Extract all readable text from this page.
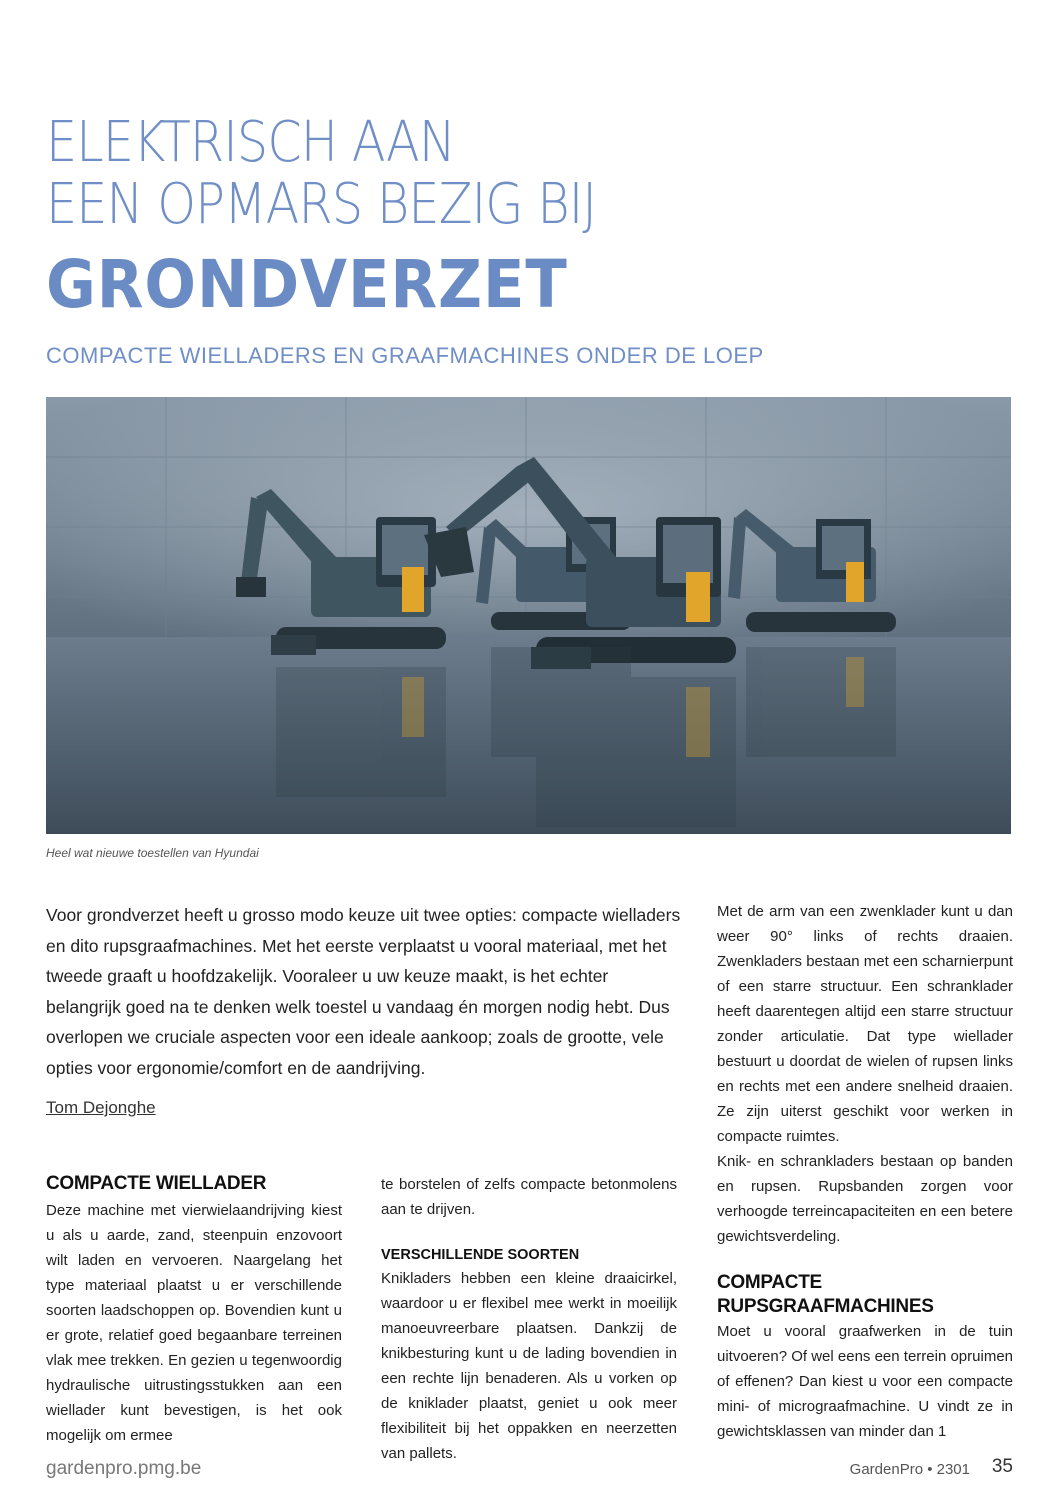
ELEKTRISCH AAN
EEN OPMARS BEZIG BIJ
GRONDVERZET
COMPACTE WIELLADERS EN GRAAFMACHINES ONDER DE LOEP
Heel wat nieuwe toestellen van Hyundai

Voor grondverzet heeft u grosso modo keuze uit twee opties: compacte wielladers en dito rupsgraafmachines. Met het eerste verplaatst u vooral materiaal, met het tweede graaft u hoofdzakelijk. Vooraleer u uw keuze maakt, is het echter belangrijk goed na te denken welk toestel u vandaag én morgen nodig hebt. Dus overlopen we cruciale aspecten voor een ideale aankoop; zoals de grootte, vele opties voor ergonomie/comfort en de aandrijving.

Tom Dejonghe
COMPACTE WIELLADER

Deze machine met vierwielaandrijving kiest u als u aarde, zand, steenpuin enzovoort wilt laden en vervoeren. Naargelang het type materiaal plaatst u er verschillende soorten laadschoppen op. Bovendien kunt u er grote, relatief goed begaanbare terreinen vlak mee trekken. En gezien u tegenwoordig hydraulische uitrustingsstukken aan een wiellader kunt bevestigen, is het ook mogelijk om ermee

te borstelen of zelfs compacte betonmolens aan te drijven.

VERSCHILLENDE SOORTEN

Knikladers hebben een kleine draaicirkel, waardoor u er flexibel mee werkt in moeilijk manoeuvreerbare plaatsen. Dankzij de knikbesturing kunt u de lading bovendien in een rechte lijn benaderen. Als u vorken op de kniklader plaatst, geniet u ook meer flexibiliteit bij het oppakken en neerzetten van pallets.

Met de arm van een zwenklader kunt u dan weer 90° links of rechts draaien. Zwenkladers bestaan met een scharnierpunt of een starre structuur. Een schranklader heeft daarentegen altijd een starre structuur zonder articulatie. Dat type wiellader bestuurt u doordat de wielen of rupsen links en rechts met een andere snelheid draaien. Ze zijn uiterst geschikt voor werken in compacte ruimtes.

Knik- en schrankladers bestaan op banden en rupsen. Rupsbanden zorgen voor verhoogde terreincapaciteiten en een betere gewichtsverdeling.

COMPACTE
RUPSGRAAFMACHINES

Moet u vooral graafwerken in de tuin uitvoeren? Of wel eens een terrein opruimen of effenen? Dan kiest u voor een compacte mini- of micrograafmachine. U vindt ze in gewichtsklassen van minder dan 1

gardenpro.pmg.be	GardenPro • 2301 35
